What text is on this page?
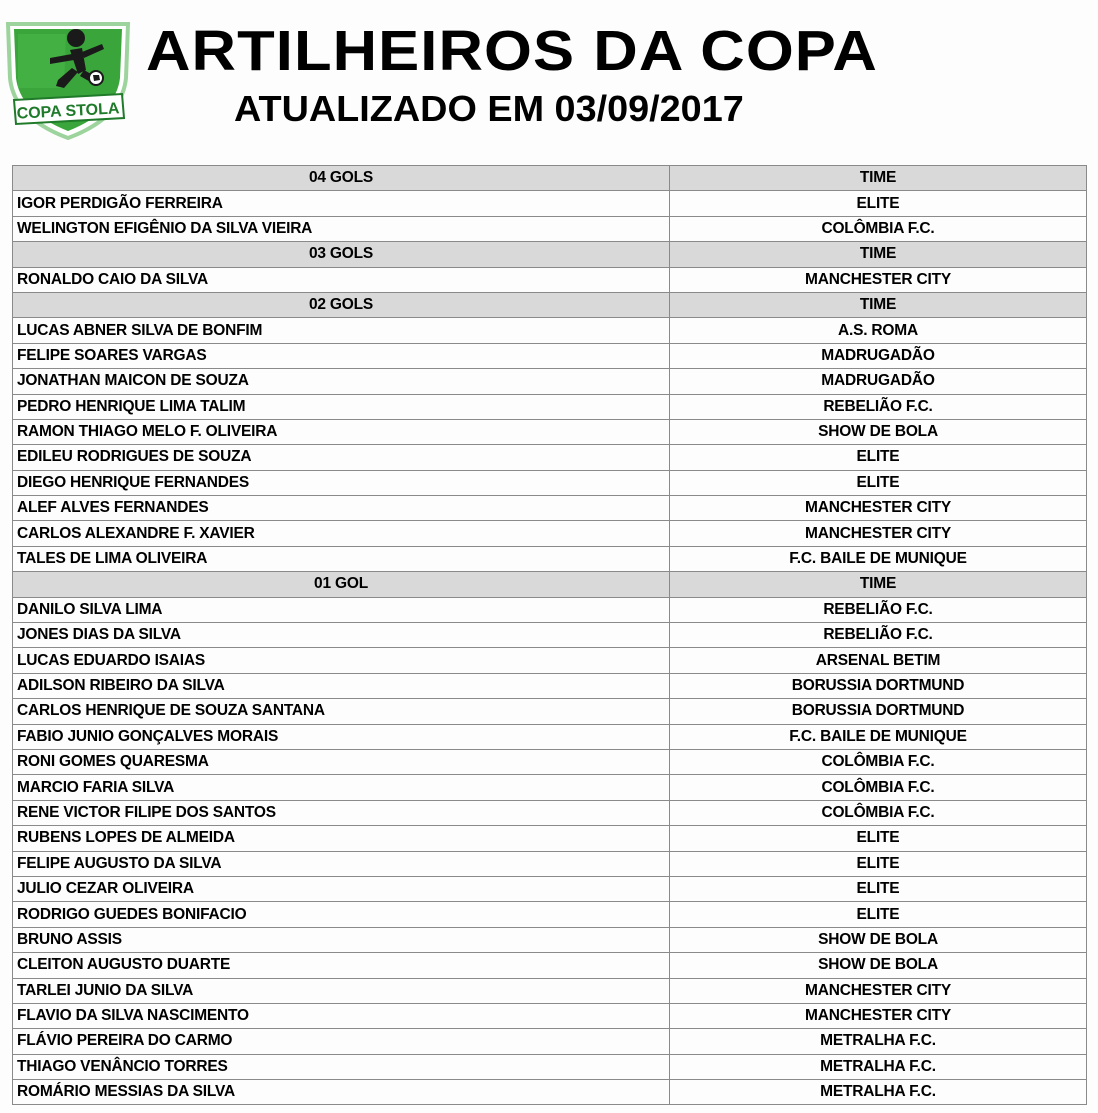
COPA STOLA
ARTILHEIROS DA COPA
ATUALIZADO EM 03/09/2017
04 GOLS	TIME
IGOR PERDIGÃO FERREIRA	ELITE
WELINGTON EFIGÊNIO DA SILVA VIEIRA	COLÔMBIA F.C.
03 GOLS	TIME
RONALDO CAIO DA SILVA	MANCHESTER CITY
02 GOLS	TIME
LUCAS ABNER SILVA DE BONFIM	A.S. ROMA
FELIPE SOARES VARGAS	MADRUGADÃO
JONATHAN MAICON DE SOUZA	MADRUGADÃO
PEDRO HENRIQUE LIMA TALIM	REBELIÃO F.C.
RAMON THIAGO MELO F. OLIVEIRA	SHOW DE BOLA
EDILEU RODRIGUES DE SOUZA	ELITE
DIEGO HENRIQUE FERNANDES	ELITE
ALEF ALVES FERNANDES	MANCHESTER CITY
CARLOS ALEXANDRE F. XAVIER	MANCHESTER CITY
TALES DE LIMA OLIVEIRA	F.C. BAILE DE MUNIQUE
01 GOL	TIME
DANILO SILVA LIMA	REBELIÃO F.C.
JONES DIAS DA SILVA	REBELIÃO F.C.
LUCAS EDUARDO ISAIAS	ARSENAL BETIM
ADILSON RIBEIRO DA SILVA	BORUSSIA DORTMUND
CARLOS HENRIQUE DE SOUZA SANTANA	BORUSSIA DORTMUND
FABIO JUNIO GONÇALVES MORAIS	F.C. BAILE DE MUNIQUE
RONI GOMES QUARESMA	COLÔMBIA F.C.
MARCIO FARIA SILVA	COLÔMBIA F.C.
RENE VICTOR FILIPE DOS SANTOS	COLÔMBIA F.C.
RUBENS LOPES DE ALMEIDA	ELITE
FELIPE AUGUSTO DA SILVA	ELITE
JULIO CEZAR OLIVEIRA	ELITE
RODRIGO GUEDES BONIFACIO	ELITE
BRUNO ASSIS	SHOW DE BOLA
CLEITON AUGUSTO DUARTE	SHOW DE BOLA
TARLEI JUNIO DA SILVA	MANCHESTER CITY
FLAVIO DA SILVA NASCIMENTO	MANCHESTER CITY
FLÁVIO PEREIRA DO CARMO	METRALHA F.C.
THIAGO VENÂNCIO TORRES	METRALHA F.C.
ROMÁRIO MESSIAS DA SILVA	METRALHA F.C.
